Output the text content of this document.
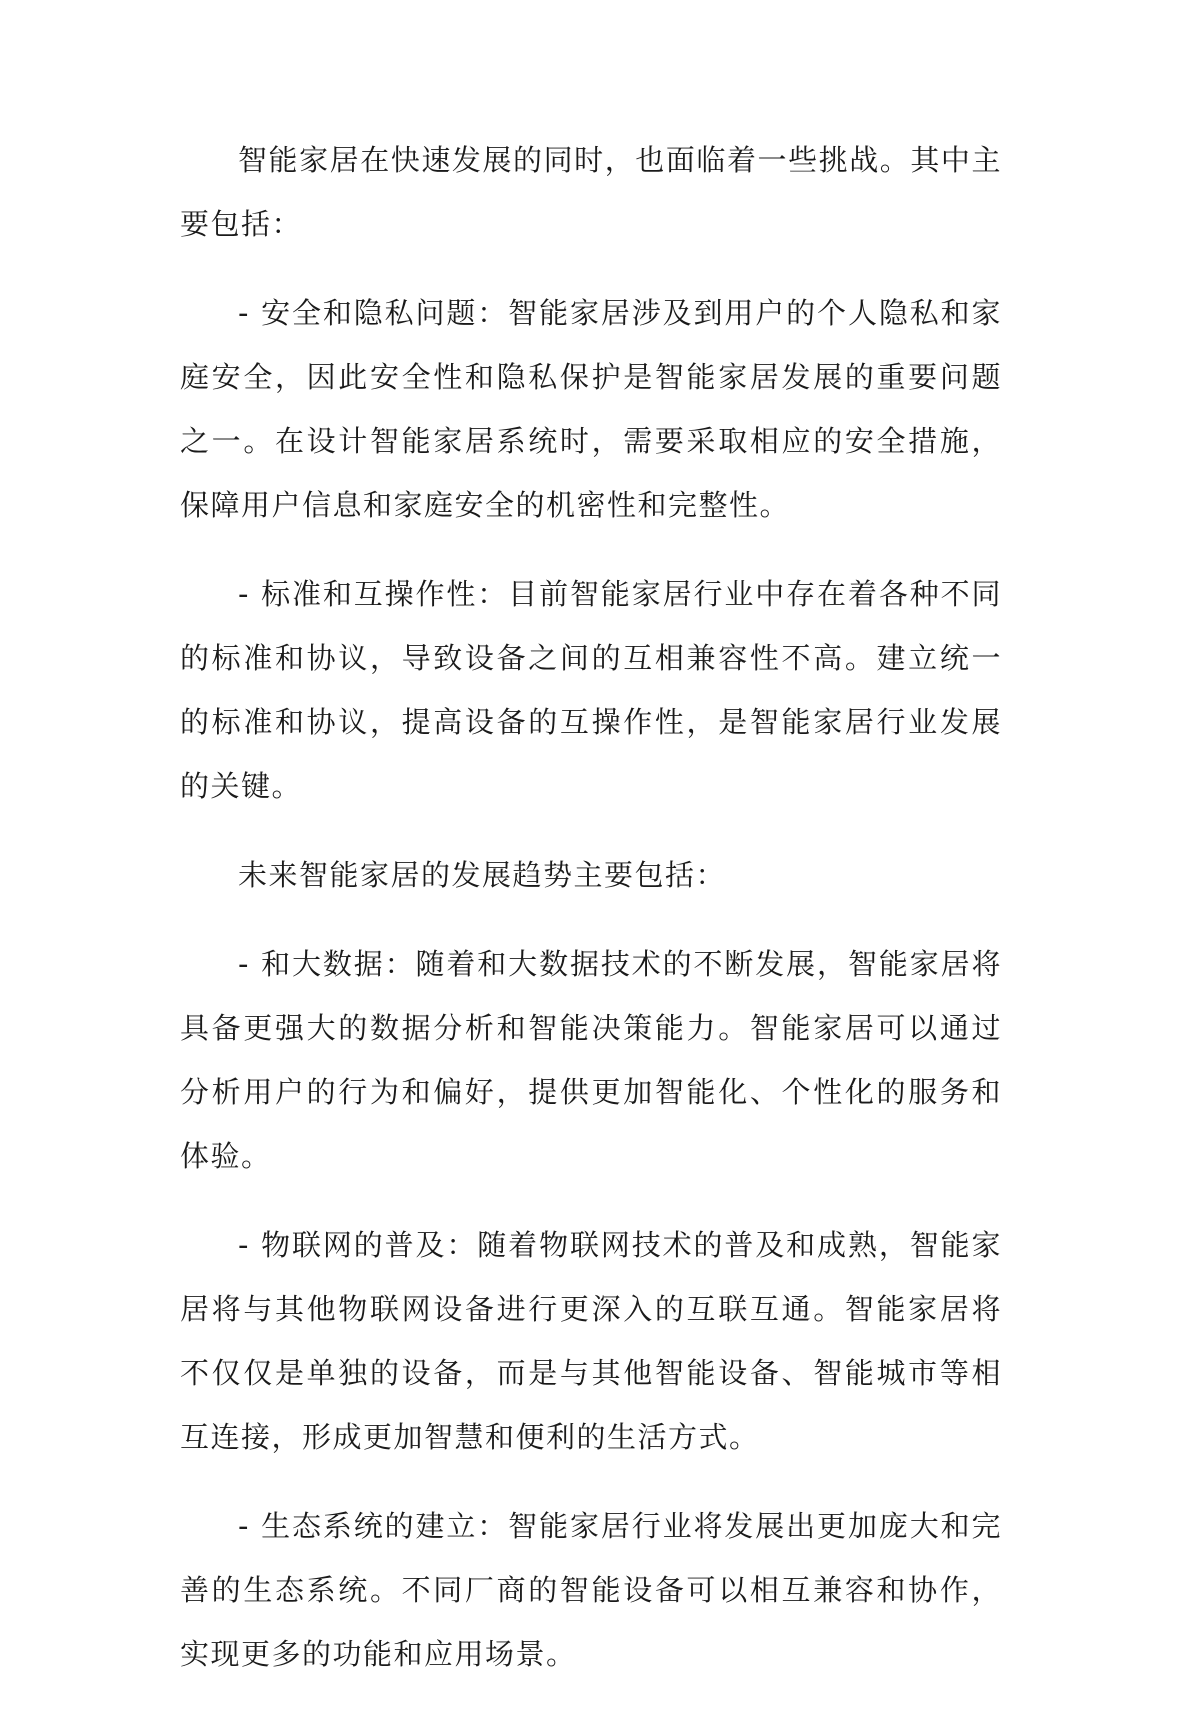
智能家居在快速发展的同时，也面临着一些挑战。其中主要包括：

- 安全和隐私问题：智能家居涉及到用户的个人隐私和家庭安全，因此安全性和隐私保护是智能家居发展的重要问题之一。在设计智能家居系统时，需要采取相应的安全措施，保障用户信息和家庭安全的机密性和完整性。

- 标准和互操作性：目前智能家居行业中存在着各种不同的标准和协议，导致设备之间的互相兼容性不高。建立统一的标准和协议，提高设备的互操作性，是智能家居行业发展的关键。

未来智能家居的发展趋势主要包括：

- 和大数据：随着和大数据技术的不断发展，智能家居将具备更强大的数据分析和智能决策能力。智能家居可以通过分析用户的行为和偏好，提供更加智能化、个性化的服务和体验。

- 物联网的普及：随着物联网技术的普及和成熟，智能家居将与其他物联网设备进行更深入的互联互通。智能家居将不仅仅是单独的设备，而是与其他智能设备、智能城市等相互连接，形成更加智慧和便利的生活方式。

- 生态系统的建立：智能家居行业将发展出更加庞大和完善的生态系统。不同厂商的智能设备可以相互兼容和协作，实现更多的功能和应用场景。
